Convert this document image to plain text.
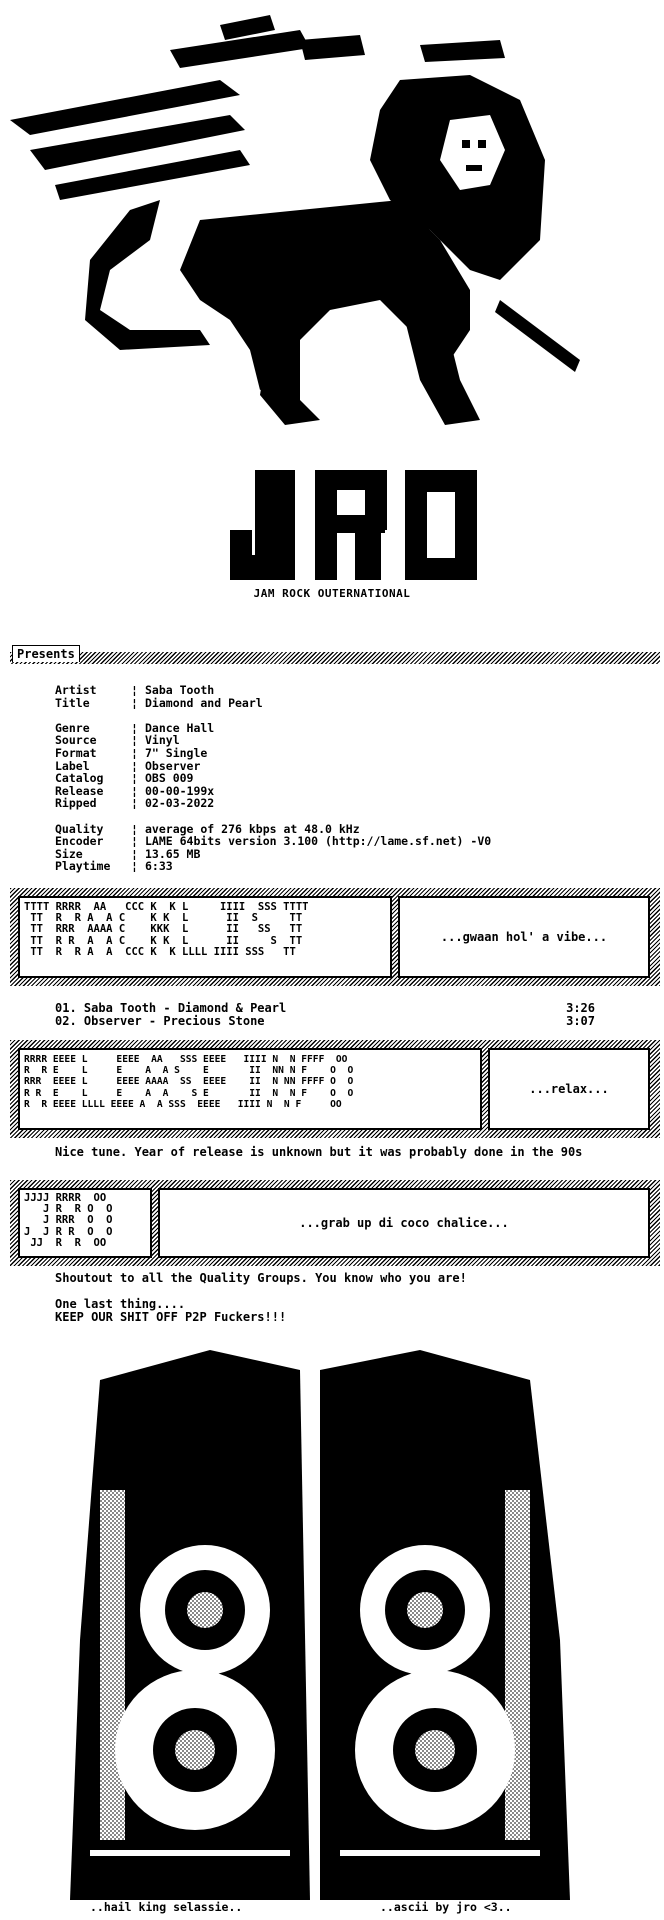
JRO
JAM ROCK OUTERNATIONAL
Presents
Artist	¦ Saba Tooth
Title	¦ Diamond and Pearl
Genre	¦ Dance Hall
Source	¦ Vinyl
Format	¦ 7" Single
Label	¦ Observer
Catalog	¦ OBS 009
Release	¦ 00-00-199x
Ripped	¦ 02-03-2022
Quality	¦ average of 276 kbps at 48.0 kHz
Encoder	¦ LAME 64bits version 3.100 (http://lame.sf.net) -V0
Size	¦ 13.65 MB
Playtime	¦ 6:33
TTTT RRRR  AA   CCC K  K L     IIII  SSS TTTT
TT  R  R A  A C    K K  L      II  S     TT
TT  RRR  AAAA C    KKK  L      II   SS   TT
TT  R R  A  A C    K K  L      II     S  TT
TT  R  R A  A  CCC K  K LLLL IIII SSS   TT
...gwaan hol' a vibe...
01. Saba Tooth - Diamond & Pearl	3:26
02. Observer - Precious Stone	3:07
RRRR EEEE L     EEEE  AA   SSS EEEE   IIII N  N FFFF  OO
R  R E    L     E    A  A S    E       II  NN N F    O  O
RRR  EEEE L     EEEE AAAA  SS  EEEE    II  N NN FFFF O  O
R R  E    L     E    A  A    S E       II  N  N F    O  O
R  R EEEE LLLL EEEE A  A SSS  EEEE   IIII N  N F     OO
...relax...
Nice tune. Year of release is unknown but it was probably done in the 90s
JJJJ RRRR  OO
J R  R O  O
J RRR  O  O
J  J R R  O  O
JJ  R  R  OO
...grab up di coco chalice...
Shoutout to all the Quality Groups. You know who you are!
One last thing....
KEEP OUR SHIT OFF P2P Fuckers!!!
..hail king selassie..	..ascii by jro <3..
